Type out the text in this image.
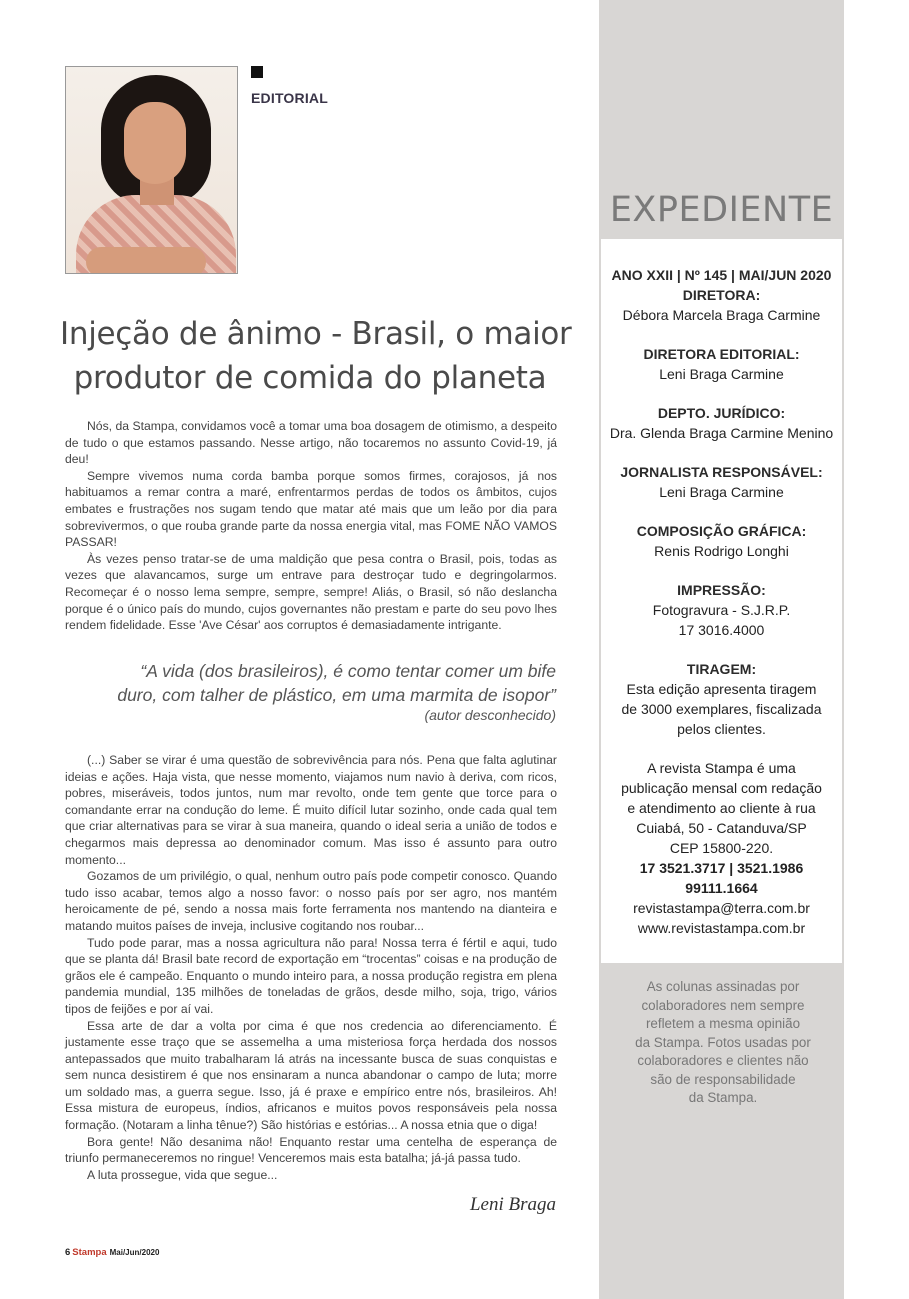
EDITORIAL
Injeção de ânimo - Brasil, o maior
produtor de comida do planeta

Nós, da Stampa, convidamos você a tomar uma boa dosagem de otimismo, a despeito de tudo o que estamos passando. Nesse artigo, não tocaremos no assunto Covid-19, já deu!

Sempre vivemos numa corda bamba porque somos firmes, corajosos, já nos habituamos a remar contra a maré, enfrentarmos perdas de todos os âmbitos, cujos embates e frustrações nos sugam tendo que matar até mais que um leão por dia para sobrevivermos, o que rouba grande parte da nossa energia vital, mas FOME NÃO VAMOS PASSAR!

Às vezes penso tratar-se de uma maldição que pesa contra o Brasil, pois, todas as vezes que alavancamos, surge um entrave para destroçar tudo e degringolarmos. Recomeçar é o nosso lema sempre, sempre, sempre! Aliás, o Brasil, só não deslancha porque é o único país do mundo, cujos governantes não prestam e parte do seu povo lhes rendem fidelidade. Esse 'Ave César' aos corruptos é demasiadamente intrigante.

“A vida (dos brasileiros), é como tentar comer um bife
duro, com talher de plástico, em uma marmita de isopor”
(autor desconhecido)

(...) Saber se virar é uma questão de sobrevivência para nós. Pena que falta aglutinar ideias e ações. Haja vista, que nesse momento, viajamos num navio à deriva, com ricos, pobres, miseráveis, todos juntos, num mar revolto, onde tem gente que torce para o comandante errar na condução do leme. É muito difícil lutar sozinho, onde cada qual tem que criar alternativas para se virar à sua maneira, quando o ideal seria a união de todos e chegarmos mais depressa ao denominador comum. Mas isso é assunto para outro momento...

Gozamos de um privilégio, o qual, nenhum outro país pode competir conosco. Quando tudo isso acabar, temos algo a nosso favor: o nosso país por ser agro, nos mantém heroicamente de pé, sendo a nossa mais forte ferramenta nos mantendo na dianteira e matando muitos países de inveja, inclusive cogitando nos roubar...

Tudo pode parar, mas a nossa agricultura não para! Nossa terra é fértil e aqui, tudo que se planta dá! Brasil bate record de exportação em “trocentas” coisas e na produção de grãos ele é campeão. Enquanto o mundo inteiro para, a nossa produção registra em plena pandemia mundial, 135 milhões de toneladas de grãos, desde milho, soja, trigo, vários tipos de feijões e por aí vai.

Essa arte de dar a volta por cima é que nos credencia ao diferenciamento. É justamente esse traço que se assemelha a uma misteriosa força herdada dos nossos antepassados que muito trabalharam lá atrás na incessante busca de suas conquistas e sem nunca desistirem é que nos ensinaram a nunca abandonar o campo de luta; morre um soldado mas, a guerra segue. Isso, já é praxe e empírico entre nós, brasileiros. Ah! Essa mistura de europeus, índios, africanos e muitos povos responsáveis pela nossa formação. (Notaram a linha tênue?) São histórias e estórias... A nossa etnia que o diga!

Bora gente! Não desanima não! Enquanto restar uma centelha de esperança de triunfo permaneceremos no ringue! Venceremos mais esta batalha; já-já passa tudo.

A luta prossegue, vida que segue...

Leni Braga
6 Stampa Mai/Jun/2020
EXPEDIENTE
ANO XXII | Nº 145 | MAI/JUN 2020
DIRETORA:
Débora Marcela Braga Carmine
DIRETORA EDITORIAL:
Leni Braga Carmine
DEPTO. JURÍDICO:
Dra. Glenda Braga Carmine Menino
JORNALISTA RESPONSÁVEL:
Leni Braga Carmine
COMPOSIÇÃO GRÁFICA:
Renis Rodrigo Longhi
IMPRESSÃO:
Fotogravura - S.J.R.P.
17 3016.4000
TIRAGEM:
Esta edição apresenta tiragem
de 3000 exemplares, fiscalizada
pelos clientes.
A revista Stampa é uma
publicação mensal com redação
e atendimento ao cliente à rua
Cuiabá, 50 - Catanduva/SP
CEP 15800-220.
17 3521.3717 | 3521.1986
99111.1664
revistastampa@terra.com.br
www.revistastampa.com.br
As colunas assinadas por
colaboradores nem sempre
refletem a mesma opinião
da Stampa. Fotos usadas por
colaboradores e clientes não
são de responsabilidade
da Stampa.
